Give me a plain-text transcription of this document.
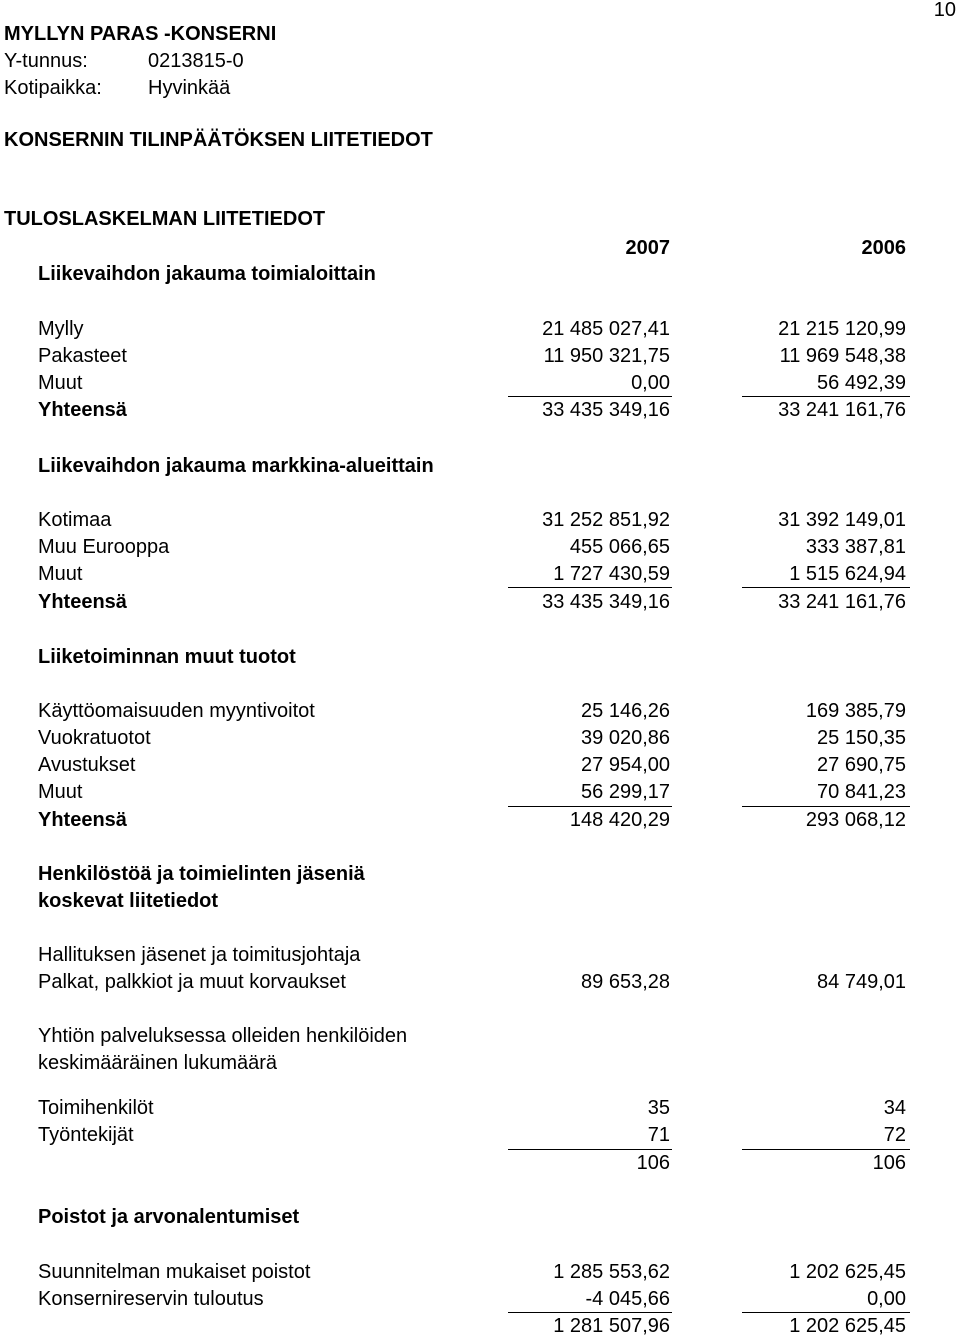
10
MYLLYN PARAS -KONSERNI
Y-tunnus:	0213815-0
Kotipaikka: Hyvinkää
KONSERNIN TILINPÄÄTÖKSEN LIITETIEDOT
TULOSLASKELMAN LIITETIEDOT
2007	2006
Liikevaihdon jakauma toimialoittain
Mylly	21 485 027,41	21 215 120,99
Pakasteet	11 950 321,75	11 969 548,38
Muut	0,00	56 492,39
Yhteensä	33 435 349,16	33 241 161,76
Liikevaihdon jakauma markkina-alueittain
Kotimaa	31 252 851,92	31 392 149,01
Muu Eurooppa	455 066,65	333 387,81
Muut	1 727 430,59	1 515 624,94
Yhteensä	33 435 349,16	33 241 161,76
Liiketoiminnan muut tuotot
Käyttöomaisuuden myyntivoitot	25 146,26	169 385,79
Vuokratuotot	39 020,86	25 150,35
Avustukset	27 954,00	27 690,75
Muut	56 299,17	70 841,23
Yhteensä	148 420,29	293 068,12
Henkilöstöä ja toimielinten jäseniä
koskevat liitetiedot
Hallituksen jäsenet ja toimitusjohtaja
Palkat, palkkiot ja muut korvaukset	89 653,28	84 749,01
Yhtiön palveluksessa olleiden henkilöiden
keskimääräinen lukumäärä
Toimihenkilöt	35	34
Työntekijät	71	72
106	106
Poistot ja arvonalentumiset
Suunnitelman mukaiset poistot	1 285 553,62	1 202 625,45
Konsernireservin tuloutus	-4 045,66	0,00
1 281 507,96	1 202 625,45
